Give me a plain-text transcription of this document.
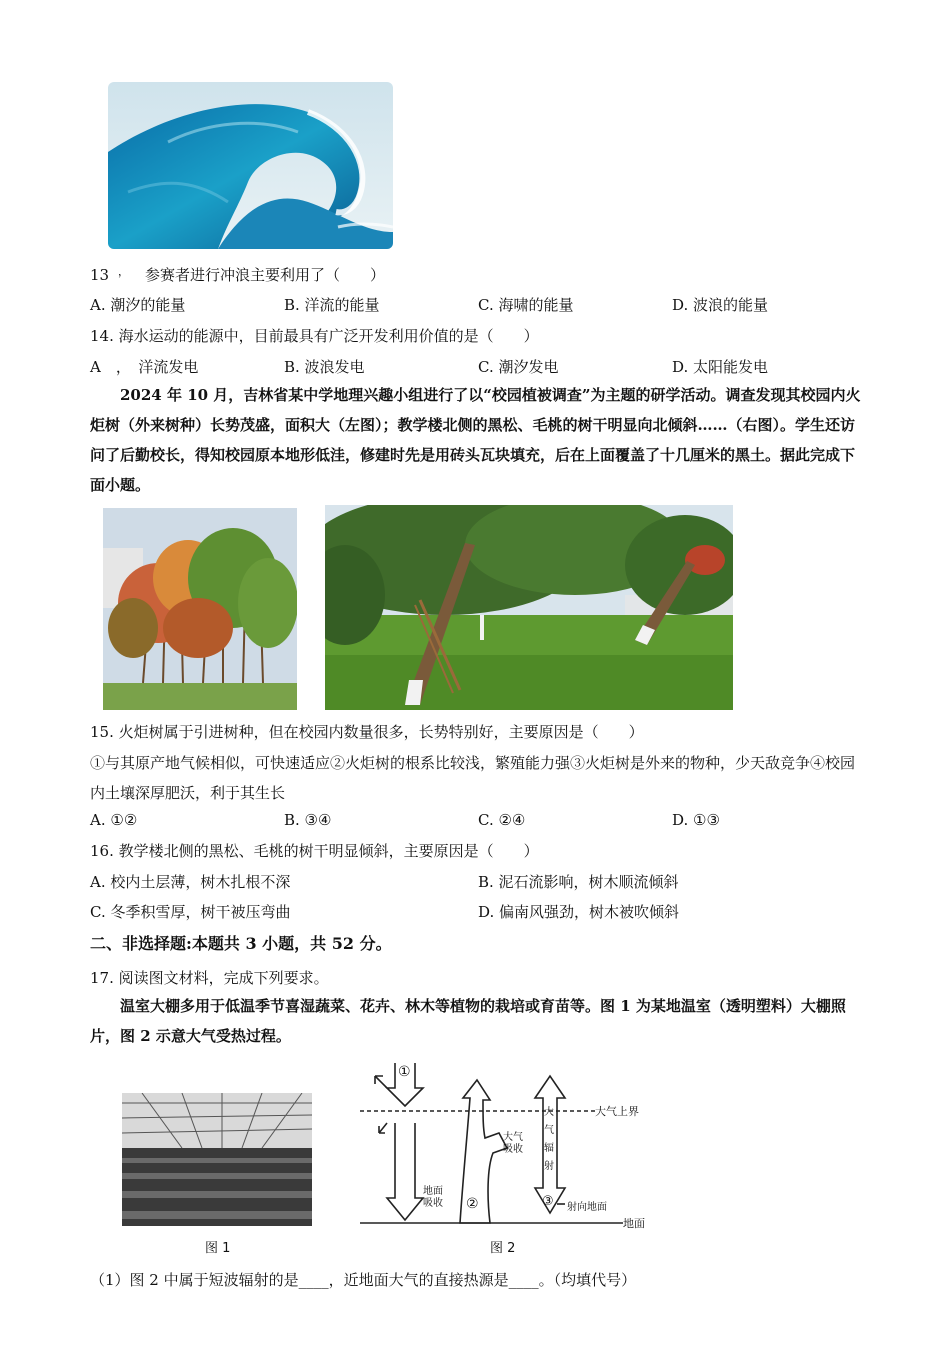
13 ， 参赛者进行冲浪主要利用了（　　）
A. 潮汐的能量	B. 洋流的能量	C. 海啸的能量	D. 波浪的能量
14. 海水运动的能源中，目前最具有广泛开发利用价值的是（　　）
A　，　洋流发电	B. 波浪发电	C. 潮汐发电	D. 太阳能发电
2024 年 10 月，吉林省某中学地理兴趣小组进行了以“校园植被调查”为主题的研学活动。调查发现其校园内火炬树（外来树种）长势茂盛，面积大（左图）；教学楼北侧的黑松、毛桃的树干明显向北倾斜……（右图）。学生还访问了后勤校长，得知校园原本地形低洼，修建时先是用砖头瓦块填充，后在上面覆盖了十几厘米的黑土。据此完成下面小题。
15. 火炬树属于引进树种，但在校园内数量很多，长势特别好，主要原因是（　　）
①与其原产地气候相似，可快速适应②火炬树的根系比较浅，繁殖能力强③火炬树是外来的物种，少天敌竞争④校园内土壤深厚肥沃，利于其生长
A. ①②	B. ③④	C. ②④	D. ①③
16. 教学楼北侧的黑松、毛桃的树干明显倾斜，主要原因是（　　）
A. 校内土层薄，树木扎根不深	B. 泥石流影响，树木顺流倾斜
C. 冬季积雪厚，树干被压弯曲	D. 偏南风强劲，树木被吹倾斜
二、非选择题:本题共 3 小题，共 52 分。
17. 阅读图文材料，完成下列要求。
温室大棚多用于低温季节喜湿蔬菜、花卉、林木等植物的栽培或育苗等。图 1 为某地温室（透明塑料）大棚照片，图 2 示意大气受热过程。
图 1
①
②	③
大气上界
地面
地面
吸收
大气
吸收
大气辐射
射向地面
图 2
（1）图 2 中属于短波辐射的是____，近地面大气的直接热源是____。（均填代号）
